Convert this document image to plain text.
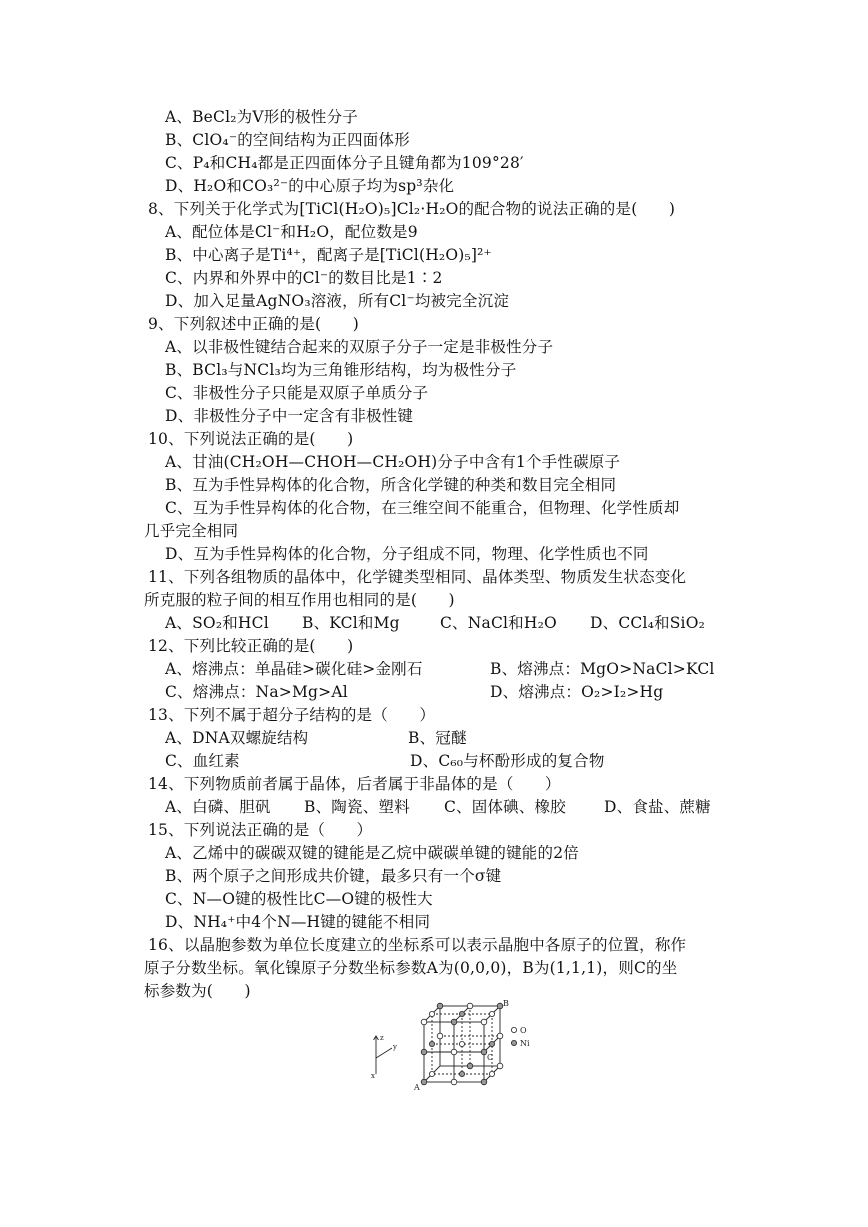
A、BeCl₂为V形的极性分子
B、ClO₄⁻的空间结构为正四面体形
C、P₄和CH₄都是正四面体分子且键角都为109°28′
D、H₂O和CO₃²⁻的中心原子均为sp³杂化
8、下列关于化学式为[TiCl(H₂O)₅]Cl₂·H₂O的配合物的说法正确的是(　　)
A、配位体是Cl⁻和H₂O，配位数是9
B、中心离子是Ti⁴⁺，配离子是[TiCl(H₂O)₅]²⁺
C、内界和外界中的Cl⁻的数目比是1∶2
D、加入足量AgNO₃溶液，所有Cl⁻均被完全沉淀
9、下列叙述中正确的是(　　)
A、以非极性键结合起来的双原子分子一定是非极性分子
B、BCl₃与NCl₃均为三角锥形结构，均为极性分子
C、非极性分子只能是双原子单质分子
D、非极性分子中一定含有非极性键
10、下列说法正确的是(　　)
A、甘油(CH₂OH—CHOH—CH₂OH)分子中含有1个手性碳原子
B、互为手性异构体的化合物，所含化学键的种类和数目完全相同
C、互为手性异构体的化合物，在三维空间不能重合，但物理、化学性质却
几乎完全相同
D、互为手性异构体的化合物，分子组成不同，物理、化学性质也不同
11、下列各组物质的晶体中，化学键类型相同、晶体类型、物质发生状态变化
所克服的粒子间的相互作用也相同的是(　　)
A、SO₂和HCl B、KCl和Mg	C、NaCl和H₂O D、CCl₄和SiO₂
12、下列比较正确的是(　　)
A、熔沸点：单晶硅>碳化硅>金刚石	B、熔沸点：MgO>NaCl>KCl
C、熔沸点：Na>Mg>Al	D、熔沸点：O₂>I₂>Hg
13、下列不属于超分子结构的是（　　）
A、DNA双螺旋结构	B、冠醚
C、血红素	D、C₆₀与杯酚形成的复合物
14、下列物质前者属于晶体，后者属于非晶体的是（　　）
A、白磷、胆矾 B、陶瓷、塑料 C、固体碘、橡胶 D、食盐、蔗糖
15、下列说法正确的是（　　）
A、乙烯中的碳碳双键的键能是乙烷中碳碳单键的键能的2倍
B、两个原子之间形成共价键，最多只有一个σ键
C、N—O键的极性比C—O键的极性大
D、NH₄⁺中4个N—H键的键能不相同
16、以晶胞参数为单位长度建立的坐标系可以表示晶胞中各原子的位置，称作
原子分数坐标。氧化镍原子分数坐标参数A为(0,0,0)，B为(1,1,1)，则C的坐
标参数为(　　)
z
y
x
A
B
C
O
Ni
